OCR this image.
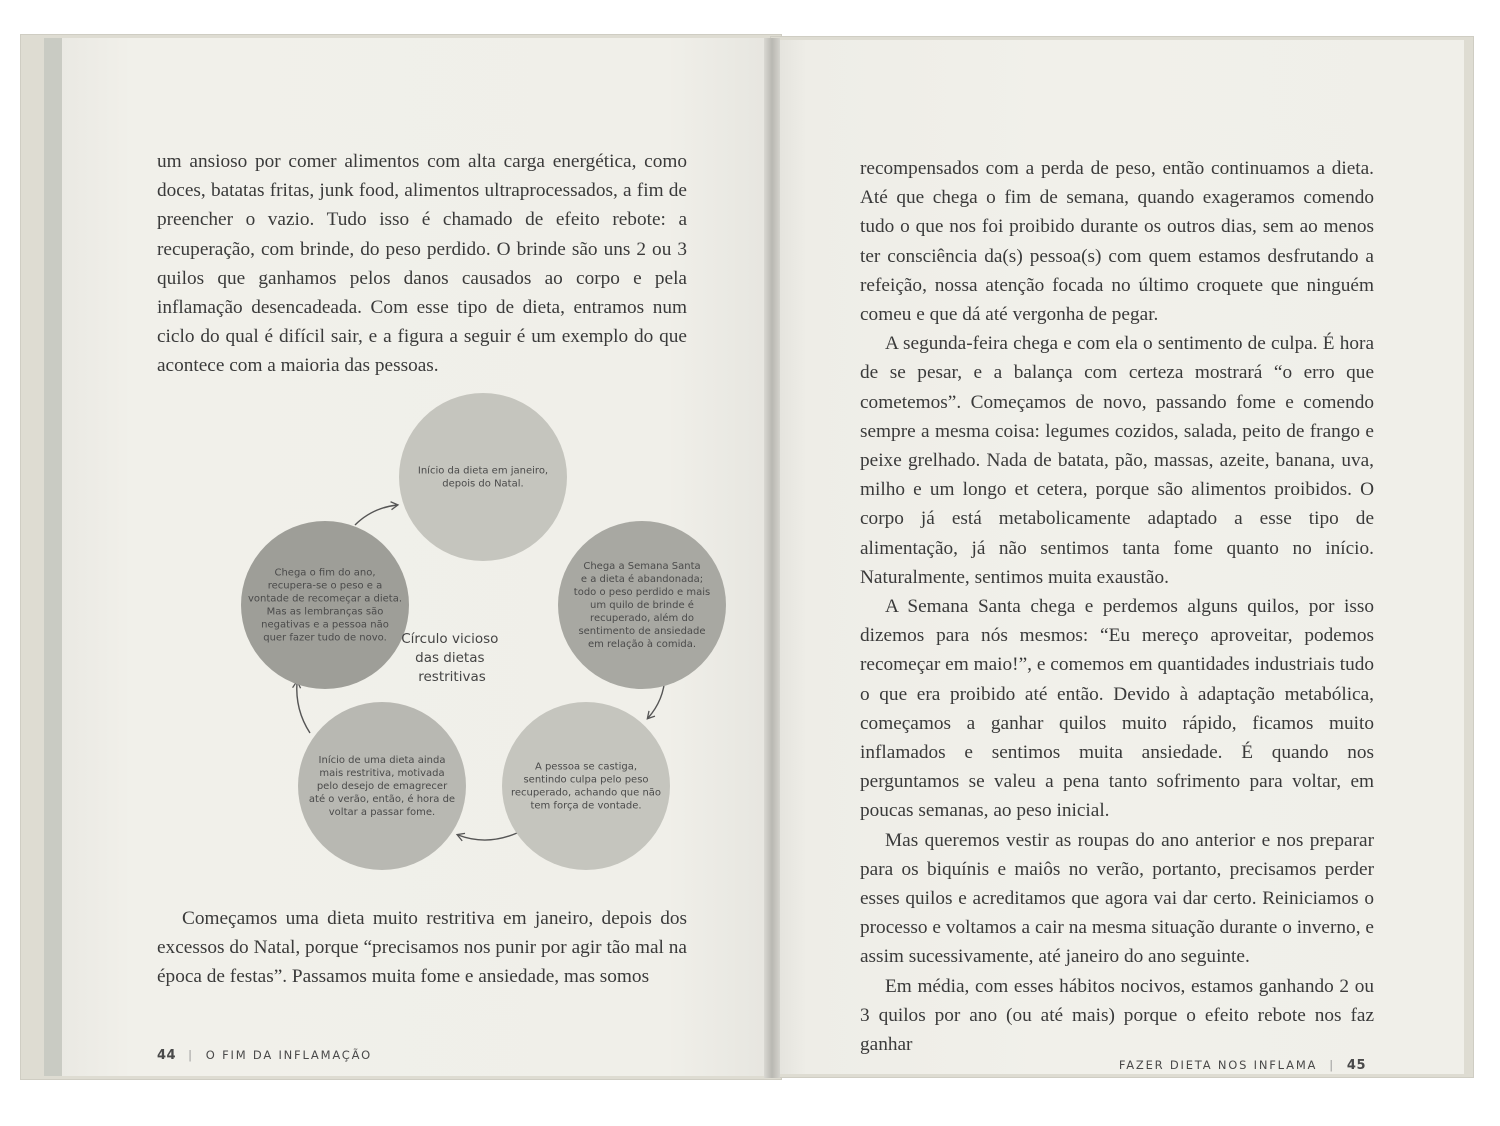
um ansioso por comer alimentos com alta carga energética, como doces, batatas fritas, junk food, alimentos ultraprocessados, a fim de preencher o vazio. Tudo isso é chamado de efeito rebote: a recuperação, com brinde, do peso perdido. O brinde são uns 2 ou 3 quilos que ganhamos pelos danos causados ao corpo e pela inflamação desencadeada. Com esse tipo de dieta, entramos num ciclo do qual é difícil sair, e a figura a seguir é um exemplo do que acontece com a maioria das pessoas.

Início da dieta em janeiro, depois do Natal.
Chega a Semana Santa e a dieta é abandonada; todo o peso perdido e mais um quilo de brinde é recuperado, além do sentimento de ansiedade em relação à comida.
A pessoa se castiga, sentindo culpa pelo peso recuperado, achando que não tem força de vontade.
Início de uma dieta ainda mais restritiva, motivada pelo desejo de emagrecer até o verão, então, é hora de voltar a passar fome.
Chega o fim do ano, recupera-se o peso e a vontade de recomeçar a dieta. Mas as lembranças são negativas e a pessoa não quer fazer tudo de novo.	Círculo vicioso das dietas restritivas

Começamos uma dieta muito restritiva em janeiro, depois dos excessos do Natal, porque “precisamos nos punir por agir tão mal na época de festas”. Passamos muita fome e ansiedade, mas somos

44 | O FIM DA INFLAMAÇÃO

recompensados com a perda de peso, então continuamos a dieta. Até que chega o fim de semana, quando exageramos comendo tudo o que nos foi proibido durante os outros dias, sem ao menos ter consciência da(s) pessoa(s) com quem estamos desfrutando a refeição, nossa atenção focada no último croquete que ninguém comeu e que dá até vergonha de pegar.

A segunda-feira chega e com ela o sentimento de culpa. É hora de se pesar, e a balança com certeza mostrará “o erro que cometemos”. Começamos de novo, passando fome e comendo sempre a mesma coisa: legumes cozidos, salada, peito de frango e peixe grelhado. Nada de batata, pão, massas, azeite, banana, uva, milho e um longo et cetera, porque são alimentos proibidos. O corpo já está metabolicamente adaptado a esse tipo de alimentação, já não sentimos tanta fome quanto no início. Naturalmente, sentimos muita exaustão.

A Semana Santa chega e perdemos alguns quilos, por isso dizemos para nós mesmos: “Eu mereço aproveitar, podemos recomeçar em maio!”, e comemos em quantidades industriais tudo o que era proibido até então. Devido à adaptação metabólica, começamos a ganhar quilos muito rápido, ficamos muito inflamados e sentimos muita ansiedade. É quando nos perguntamos se valeu a pena tanto sofrimento para voltar, em poucas semanas, ao peso inicial.

Mas queremos vestir as roupas do ano anterior e nos preparar para os biquínis e maiôs no verão, portanto, precisamos perder esses quilos e acreditamos que agora vai dar certo. Reiniciamos o processo e voltamos a cair na mesma situação durante o inverno, e assim sucessivamente, até janeiro do ano seguinte.

Em média, com esses hábitos nocivos, estamos ganhando 2 ou 3 quilos por ano (ou até mais) porque o efeito rebote nos faz ganhar

FAZER DIETA NOS INFLAMA | 45
